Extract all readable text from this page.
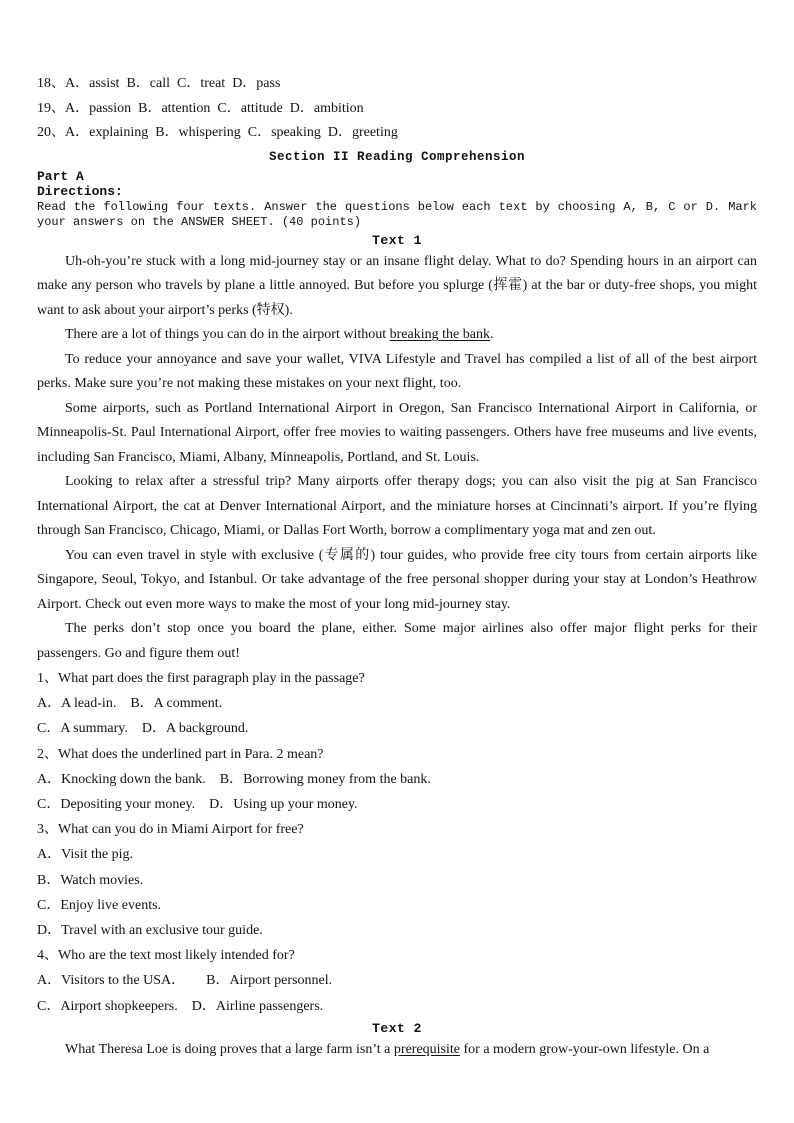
18、A．assist  B．call  C．treat  D．pass

19、A．passion  B．attention  C．attitude  D．ambition

20、A．explaining  B．whispering  C．speaking  D．greeting

Section II Reading Comprehension
Part A
Directions:

Read the following four texts. Answer the questions below each text by choosing A, B, C or D. Mark your answers on the ANSWER SHEET. (40 points)

Text 1

Uh-oh-you’re stuck with a long mid-journey stay or an insane flight delay. What to do? Spending hours in an airport can make any person who travels by plane a little annoyed. But before you splurge (挥霍) at the bar or duty-free shops, you might want to ask about your airport’s perks (特权).

There are a lot of things you can do in the airport without breaking the bank.

To reduce your annoyance and save your wallet, VIVA Lifestyle and Travel has compiled a list of all of the best airport perks. Make sure you’re not making these mistakes on your next flight, too.

Some airports, such as Portland International Airport in Oregon, San Francisco International Airport in California, or Minneapolis-St. Paul International Airport, offer free movies to waiting passengers. Others have free museums and live events, including San Francisco, Miami, Albany, Minneapolis, Portland, and St. Louis.

Looking to relax after a stressful trip? Many airports offer therapy dogs; you can also visit the pig at San Francisco International Airport, the cat at Denver International Airport, and the miniature horses at Cincinnati’s airport. If you’re flying through San Francisco, Chicago, Miami, or Dallas Fort Worth, borrow a complimentary yoga mat and zen out.

You can even travel in style with exclusive (专属的) tour guides, who provide free city tours from certain airports like Singapore, Seoul, Tokyo, and Istanbul. Or take advantage of the free personal shopper during your stay at London’s Heathrow Airport. Check out even more ways to make the most of your long mid-journey stay.

The perks don’t stop once you board the plane, either. Some major airlines also offer major flight perks for their passengers. Go and figure them out!

1、What part does the first paragraph play in the passage?

A．A lead-in.    B．A comment.

C．A summary.    D．A background.

2、What does the underlined part in Para. 2 mean?

A．Knocking down the bank.    B．Borrowing money from the bank.

C．Depositing your money.    D．Using up your money.

3、What can you do in Miami Airport for free?

A．Visit the pig.

B．Watch movies.

C．Enjoy live events.

D．Travel with an exclusive tour guide.

4、Who are the text most likely intended for?

A．Visitors to the USA．      B．Airport personnel.

C．Airport shopkeepers.    D．Airline passengers.

Text 2

What Theresa Loe is doing proves that a large farm isn’t a prerequisite for a modern grow-your-own lifestyle. On a
